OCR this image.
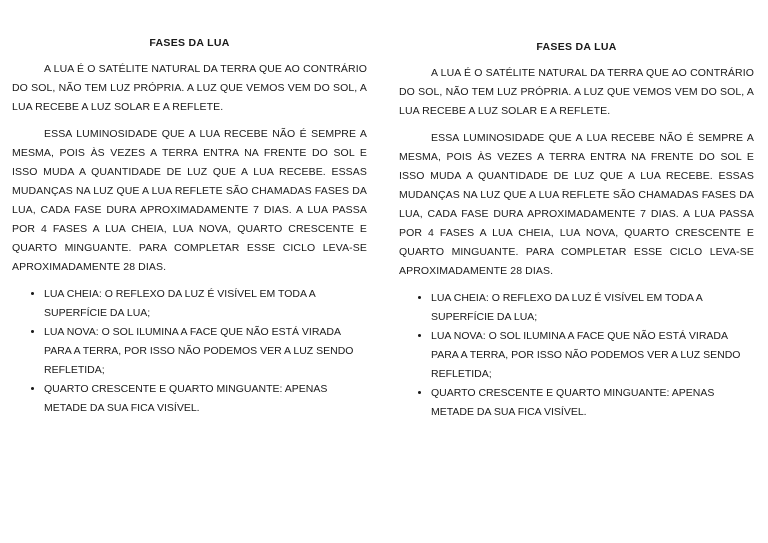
FASES DA LUA

A LUA É O SATÉLITE NATURAL DA TERRA QUE AO CONTRÁRIO DO SOL, NÃO TEM LUZ PRÓPRIA. A LUZ QUE VEMOS VEM DO SOL, A LUA RECEBE A LUZ SOLAR E A REFLETE.

ESSA LUMINOSIDADE QUE A LUA RECEBE NÃO É SEMPRE A MESMA, POIS ÀS VEZES A TERRA ENTRA NA FRENTE DO SOL E ISSO MUDA A QUANTIDADE DE LUZ QUE A LUA RECEBE. ESSAS MUDANÇAS NA LUZ QUE A LUA REFLETE SÃO CHAMADAS FASES DA LUA, CADA FASE DURA APROXIMADAMENTE 7 DIAS. A LUA PASSA POR 4 FASES A LUA CHEIA, LUA NOVA, QUARTO CRESCENTE E QUARTO MINGUANTE. PARA COMPLETAR ESSE CICLO LEVA-SE APROXIMADAMENTE 28 DIAS.

• LUA CHEIA: O REFLEXO DA LUZ É VISÍVEL EM TODA A SUPERFÍCIE DA LUA;
• LUA NOVA: O SOL ILUMINA A FACE QUE NÃO ESTÁ VIRADA PARA A TERRA, POR ISSO NÃO PODEMOS VER A LUZ SENDO REFLETIDA;
• QUARTO CRESCENTE E QUARTO MINGUANTE: APENAS METADE DA SUA FICA VISÍVEL.
FASES DA LUA

A LUA É O SATÉLITE NATURAL DA TERRA QUE AO CONTRÁRIO DO SOL, NÃO TEM LUZ PRÓPRIA. A LUZ QUE VEMOS VEM DO SOL, A LUA RECEBE A LUZ SOLAR E A REFLETE.

ESSA LUMINOSIDADE QUE A LUA RECEBE NÃO É SEMPRE A MESMA, POIS ÀS VEZES A TERRA ENTRA NA FRENTE DO SOL E ISSO MUDA A QUANTIDADE DE LUZ QUE A LUA RECEBE. ESSAS MUDANÇAS NA LUZ QUE A LUA REFLETE SÃO CHAMADAS FASES DA LUA, CADA FASE DURA APROXIMADAMENTE 7 DIAS. A LUA PASSA POR 4 FASES A LUA CHEIA, LUA NOVA, QUARTO CRESCENTE E QUARTO MINGUANTE. PARA COMPLETAR ESSE CICLO LEVA-SE APROXIMADAMENTE 28 DIAS.

• LUA CHEIA: O REFLEXO DA LUZ É VISÍVEL EM TODA A SUPERFÍCIE DA LUA;
• LUA NOVA: O SOL ILUMINA A FACE QUE NÃO ESTÁ VIRADA PARA A TERRA, POR ISSO NÃO PODEMOS VER A LUZ SENDO REFLETIDA;
• QUARTO CRESCENTE E QUARTO MINGUANTE: APENAS METADE DA SUA FICA VISÍVEL.
